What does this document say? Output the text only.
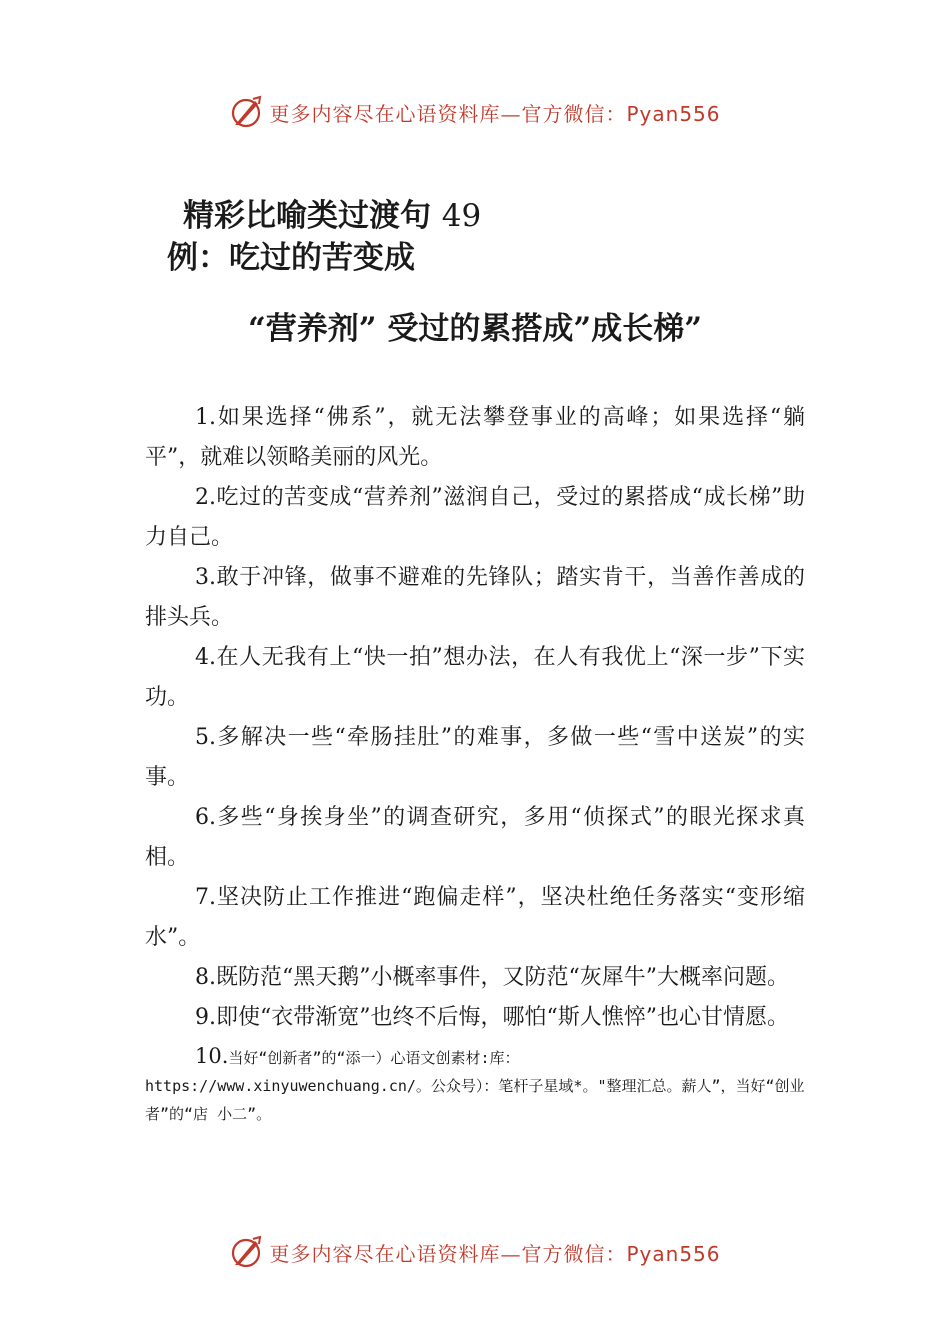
更多内容尽在心语资料库—官方微信：Pyan556
精彩比喻类过渡句 49
例：吃过的苦变成
“营养剂” 受过的累搭成”成长梯”

1.如果选择“佛系”，就无法攀登事业的高峰；如果选择“躺平”，就难以领略美丽的风光。

2.吃过的苦变成“营养剂”滋润自己，受过的累搭成“成长梯”助力自己。

3.敢于冲锋，做事不避难的先锋队；踏实肯干，当善作善成的排头兵。

4.在人无我有上“快一拍”想办法，在人有我优上“深一步”下实功。

5.多解决一些“牵肠挂肚”的难事，多做一些“雪中送炭”的实事。

6.多些“身挨身坐”的调查研究，多用“侦探式”的眼光探求真相。

7.坚决防止工作推进“跑偏走样”，坚决杜绝任务落实“变形缩水”。

8.既防范“黑天鹅”小概率事件，又防范“灰犀牛”大概率问题。

9.即使“衣带渐宽”也终不后悔，哪怕“斯人憔悴”也心甘情愿。

10.当好“创新者”的“添一）心语文创素材:库：https://www.xinyuwenchuang.cn/。公众号）：笔杆子星域*。"整理汇总。薪人”，当好“创业者”的“店 小二”。

更多内容尽在心语资料库—官方微信：Pyan556
